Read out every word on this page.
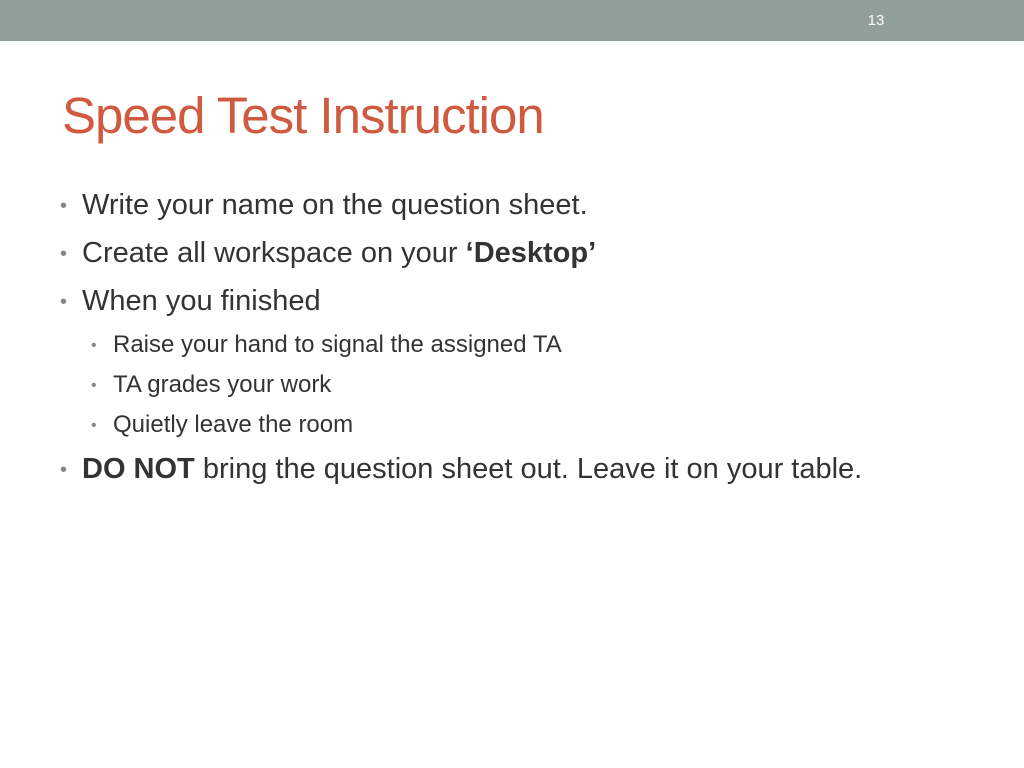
13
Speed Test Instruction
• Write your name on the question sheet.
• Create all workspace on your ‘Desktop’
• When you finished
• Raise your hand to signal the assigned TA
• TA grades your work
• Quietly leave the room
• DO NOT bring the question sheet out. Leave it on your table.
